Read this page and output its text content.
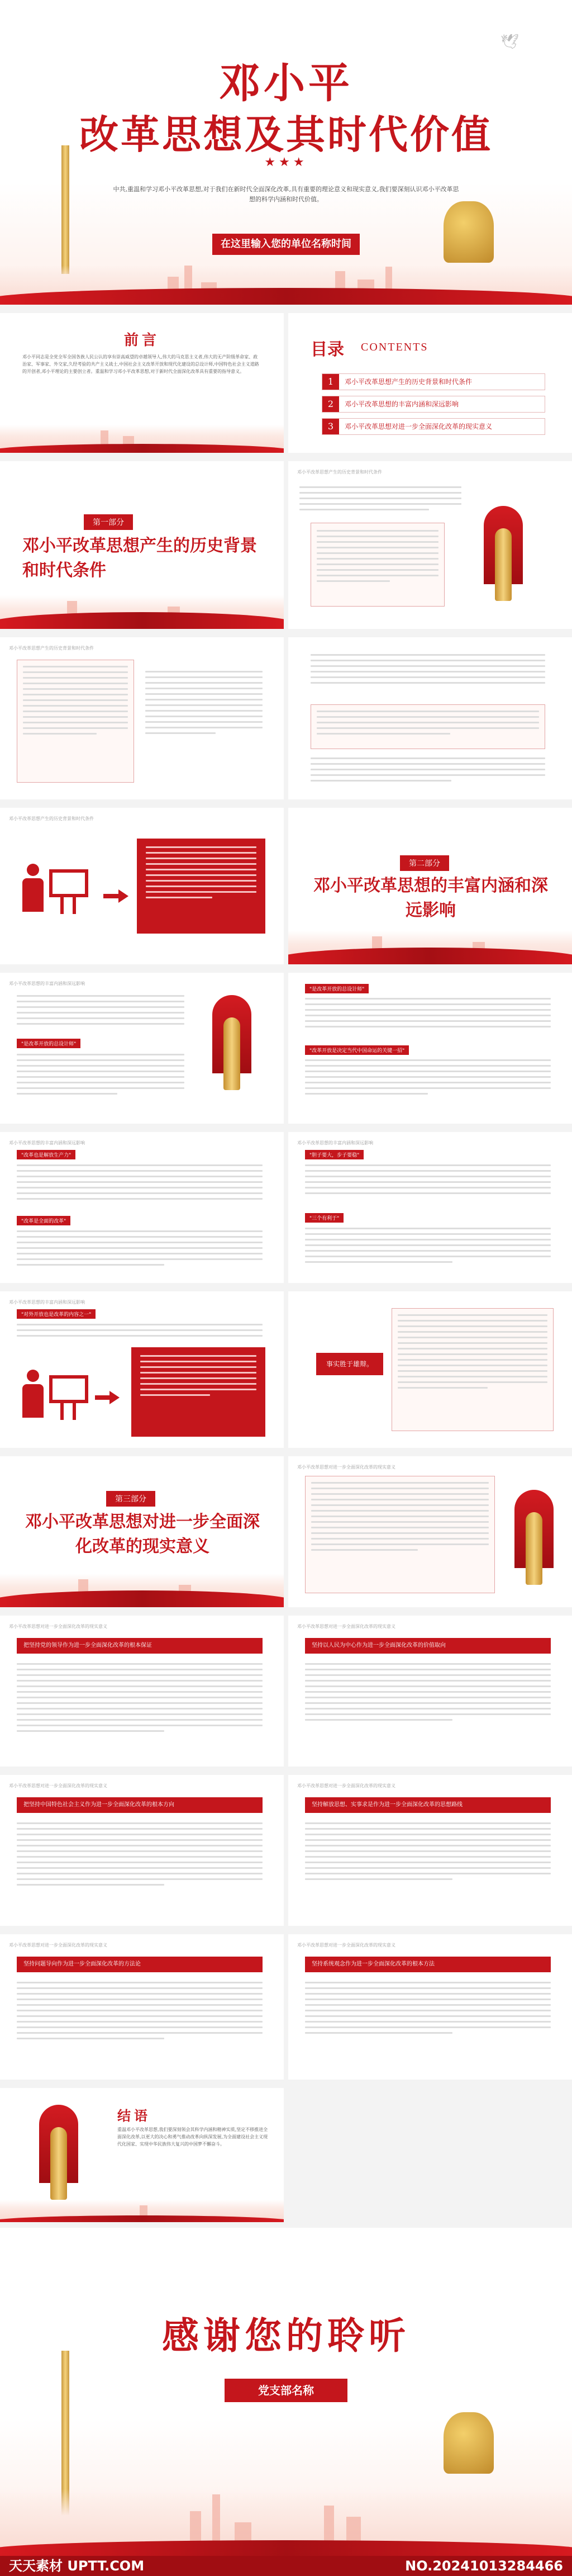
🕊
邓小平
改革思想及其时代价值
★★★
中共,重温和学习邓小平改革思想,对于我们在新时代全面深化改革,具有重要的理论意义和现实意义,我们要深刻认识邓小平改革思想的科学内涵和时代价值。
在这里输入您的单位名称时间
前言
邓小平同志是全党全军全国各族人民公认的享有崇高威望的卓越领导人,伟大的马克思主义者,伟大的无产阶级革命家、政治家、军事家、外交家,久经考验的共产主义战士,中国社会主义改革开放和现代化建设的总设计师,中国特色社会主义道路的开创者,邓小平理论的主要创立者。重温和学习邓小平改革思想,对于新时代全面深化改革具有重要的指导意义。
目录 CONTENTS
1	邓小平改革思想产生的历史背景和时代条件
2	邓小平改革思想的丰富内涵和深远影响
3	邓小平改革思想对进一步全面深化改革的现实意义
第一部分
邓小平改革思想产生的历史背景和时代条件
邓小平改革思想产生的历史背景和时代条件
邓小平改革思想产生的历史背景和时代条件
邓小平改革思想产生的历史背景和时代条件
第二部分
邓小平改革思想的丰富内涵和深远影响
邓小平改革思想的丰富内涵和深远影响
"是改革开放的总设计师"
"是改革开放的总设计师"
"改革开放是决定当代中国命运的关键一招"
邓小平改革思想的丰富内涵和深远影响
"改革也是解放生产力"
"改革是全面的改革"
邓小平改革思想的丰富内涵和深远影响
"胆子要大，步子要稳"
"三个有利于"
邓小平改革思想的丰富内涵和深远影响
"对外开放也是改革的内容之一"
事实胜于雄辩。
第三部分
邓小平改革思想对进一步全面深化改革的现实意义
邓小平改革思想对进一步全面深化改革的现实意义
邓小平改革思想对进一步全面深化改革的现实意义
把坚持党的领导作为进一步全面深化改革的根本保证
邓小平改革思想对进一步全面深化改革的现实意义
坚持以人民为中心作为进一步全面深化改革的价值取向
邓小平改革思想对进一步全面深化改革的现实意义
把坚持中国特色社会主义作为进一步全面深化改革的根本方向
邓小平改革思想对进一步全面深化改革的现实意义
坚持解放思想、实事求是作为进一步全面深化改革的思想路线
邓小平改革思想对进一步全面深化改革的现实意义
坚持问题导向作为进一步全面深化改革的方法论
邓小平改革思想对进一步全面深化改革的现实意义
坚持系统观念作为进一步全面深化改革的根本方法
结语
重温邓小平改革思想,我们要深刻领会其科学内涵和精神实质,坚定不移推进全面深化改革,以更大的决心和勇气推动改革向纵深发展,为全面建设社会主义现代化国家、实现中华民族伟大复兴的中国梦不懈奋斗。
感谢您的聆听
党支部名称
天天素材 UPTT.COM	NO.20241013284466
